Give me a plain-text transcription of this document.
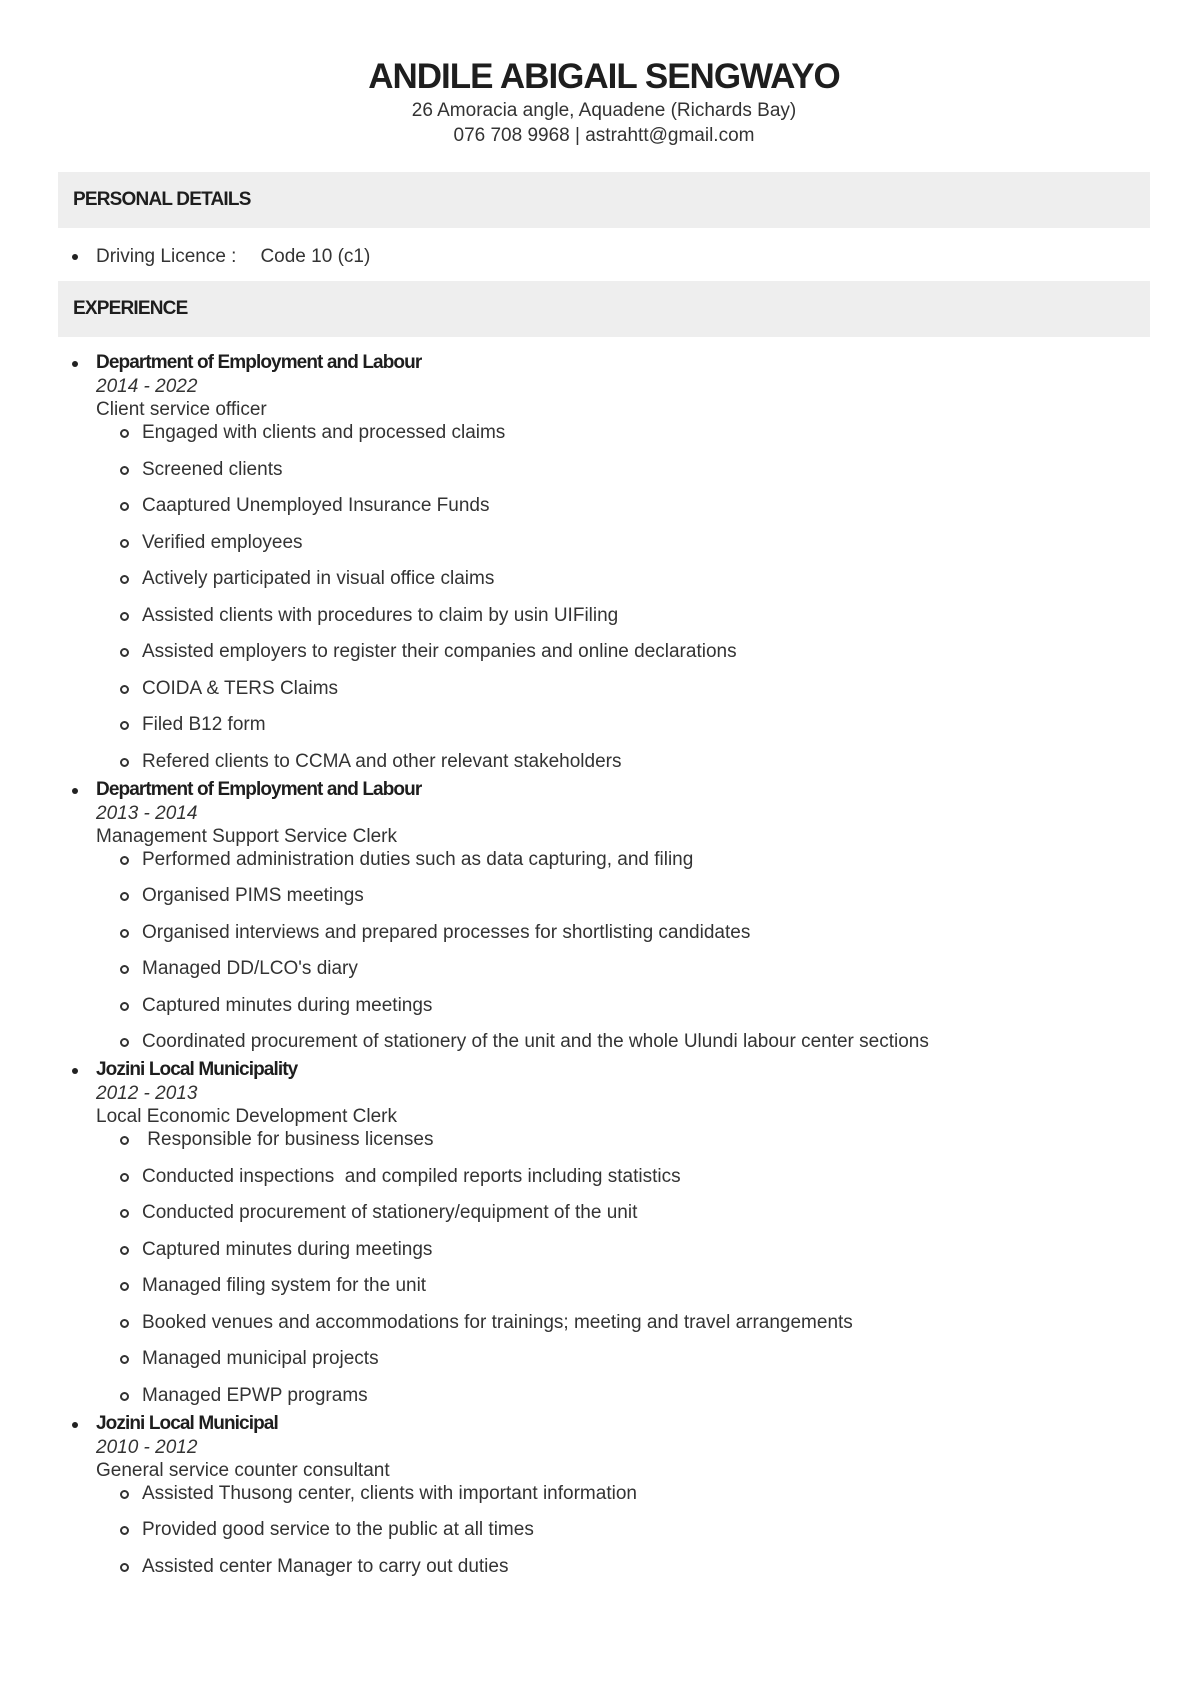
ANDILE ABIGAIL SENGWAYO
26 Amoracia angle, Aquadene (Richards Bay)
076 708 9968 | astrahtt@gmail.com
PERSONAL DETAILS
Driving Licence : Code 10 (c1)
EXPERIENCE
Department of Employment and Labour
2014 - 2022
Client service officer
Engaged with clients and processed claims
Screened clients
Caaptured Unemployed Insurance Funds
Verified employees
Actively participated in visual office claims
Assisted clients with procedures to claim by usin UIFiling
Assisted employers to register their companies and online declarations
COIDA & TERS Claims
Filed B12 form
Refered clients to CCMA and other relevant stakeholders
Department of Employment and Labour
2013 - 2014
Management Support Service Clerk
Performed administration duties such as data capturing, and filing
Organised PIMS meetings
Organised interviews and prepared processes for shortlisting candidates
Managed DD/LCO's diary
Captured minutes during meetings
Coordinated procurement of stationery of the unit and the whole Ulundi labour center sections
Jozini Local Municipality
2012 - 2013
Local Economic Development Clerk
Responsible for business licenses
Conducted inspections  and compiled reports including statistics
Conducted procurement of stationery/equipment of the unit
Captured minutes during meetings
Managed filing system for the unit
Booked venues and accommodations for trainings; meeting and travel arrangements
Managed municipal projects
Managed EPWP programs
Jozini Local Municipal
2010 - 2012
General service counter consultant
Assisted Thusong center, clients with important information
Provided good service to the public at all times
Assisted center Manager to carry out duties
